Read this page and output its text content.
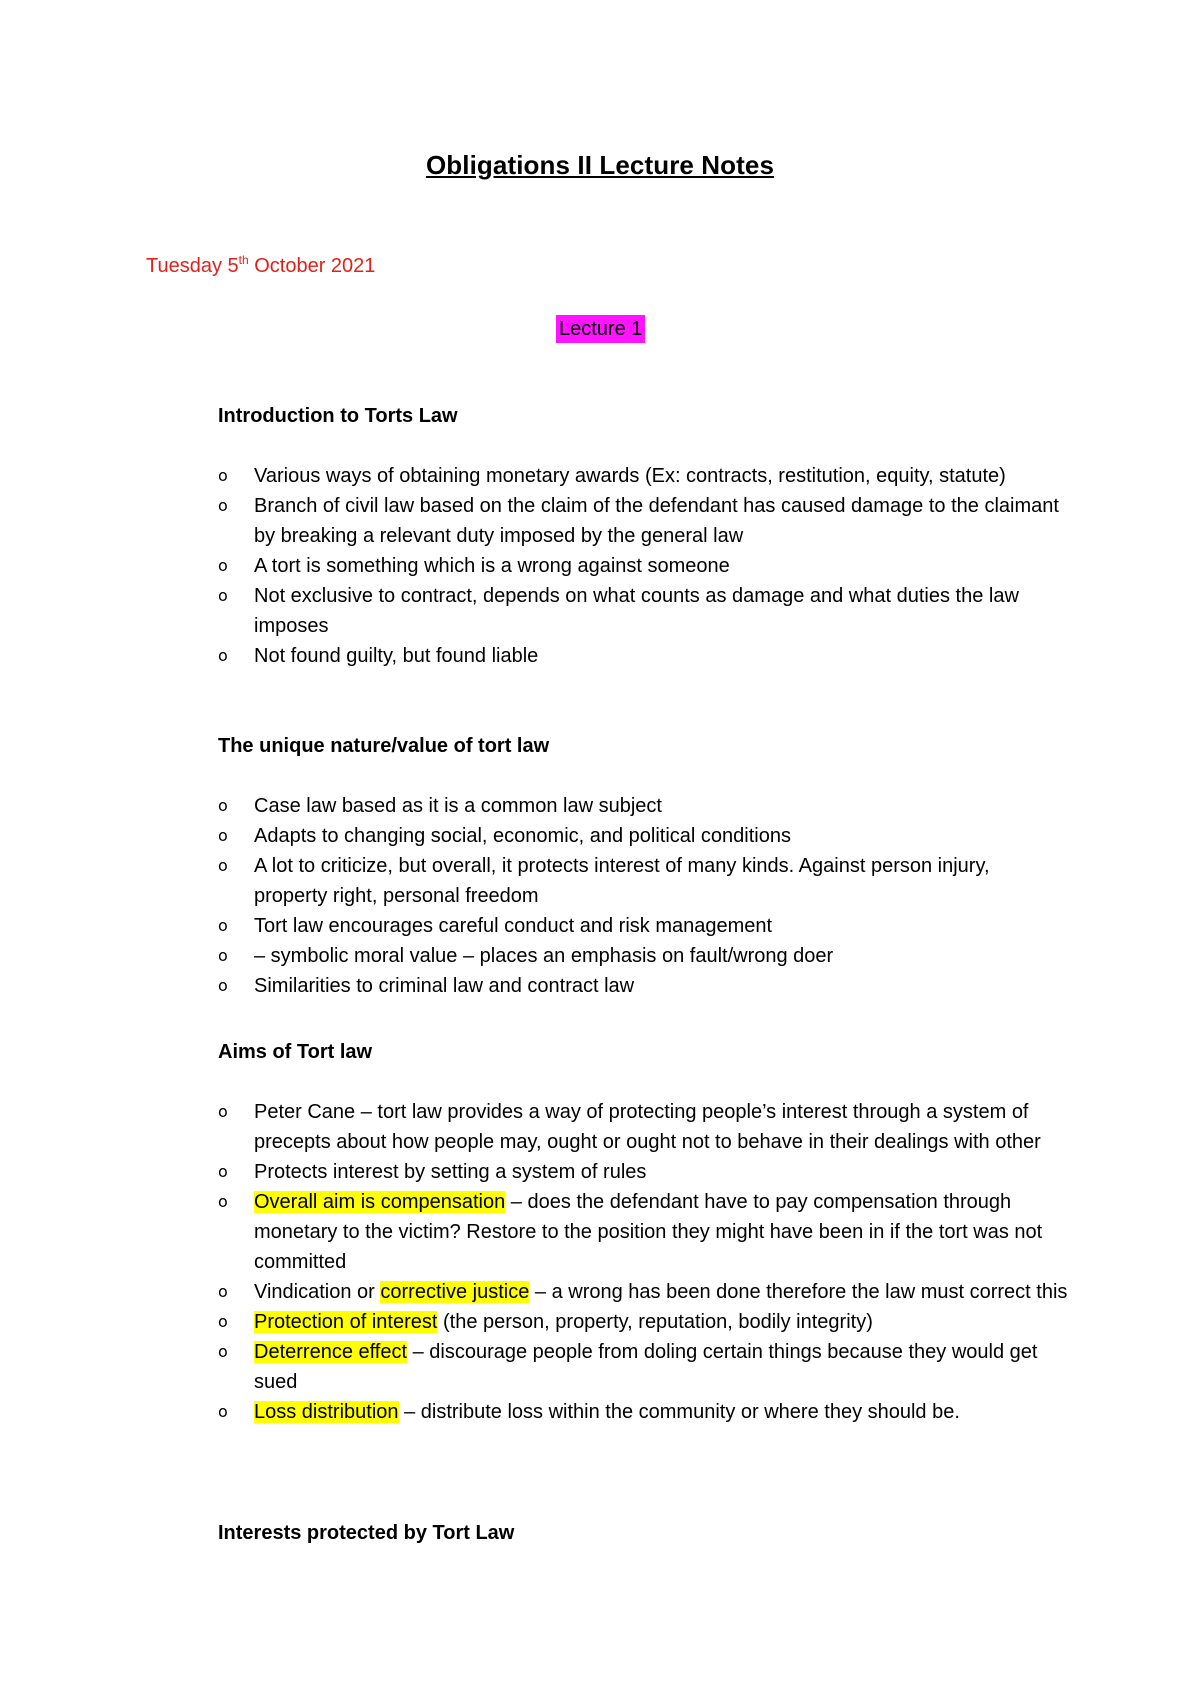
Obligations II Lecture Notes
Tuesday 5th October 2021
Lecture 1
Introduction to Torts Law
o	Various ways of obtaining monetary awards (Ex: contracts, restitution, equity, statute)
o	Branch of civil law based on the claim of the defendant has caused damage to the claimant by breaking a relevant duty imposed by the general law
o	A tort is something which is a wrong against someone
o	Not exclusive to contract, depends on what counts as damage and what duties the law imposes
o	Not found guilty, but found liable
The unique nature/value of tort law
o	Case law based as it is a common law subject
o	Adapts to changing social, economic, and political conditions
o	A lot to criticize, but overall, it protects interest of many kinds. Against person injury, property right, personal freedom
o	Tort law encourages careful conduct and risk management
o	– symbolic moral value – places an emphasis on fault/wrong doer
o	Similarities to criminal law and contract law
Aims of Tort law
o	Peter Cane – tort law provides a way of protecting people’s interest through a system of precepts about how people may, ought or ought not to behave in their dealings with other
o	Protects interest by setting a system of rules
o	Overall aim is compensation – does the defendant have to pay compensation through monetary to the victim? Restore to the position they might have been in if the tort was not committed
o	Vindication or corrective justice – a wrong has been done therefore the law must correct this
o	Protection of interest (the person, property, reputation, bodily integrity)
o	Deterrence effect – discourage people from doling certain things because they would get sued
o	Loss distribution – distribute loss within the community or where they should be.
Interests protected by Tort Law
